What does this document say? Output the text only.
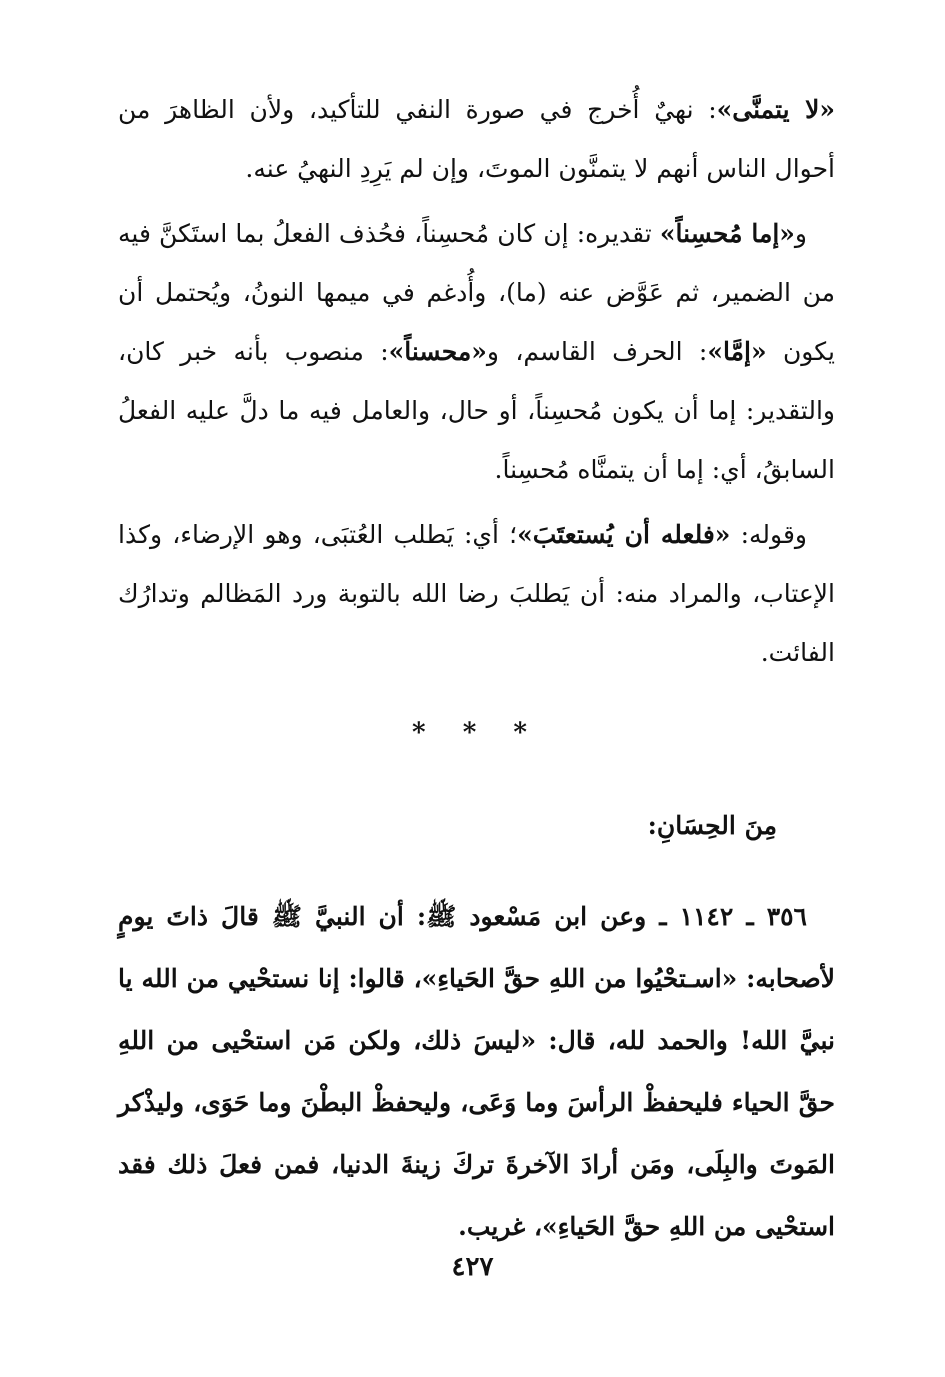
«لا يتمنَّى»: نهيٌ أُخرج في صورة النفي للتأكيد، ولأن الظاهرَ من أحوال الناس أنهم لا يتمنَّون الموتَ، وإن لم يَرِدِ النهيُ عنه.

و«إما مُحسِناً» تقديره: إن كان مُحسِناً، فحُذف الفعلُ بما استَكنَّ فيه من الضمير، ثم عَوَّض عنه (ما)، وأُدغم في ميمها النونُ، ويُحتمل أن يكون «إمَّا»: الحرف القاسم، و«محسناً»: منصوب بأنه خبر كان، والتقدير: إما أن يكون مُحسِناً، أو حال، والعامل فيه ما دلَّ عليه الفعلُ السابقُ، أي: إما أن يتمنَّاه مُحسِناً.

وقوله: «فلعله أن يُستعتَبَ»؛ أي: يَطلب العُتبَى، وهو الإرضاء، وكذا الإعتاب، والمراد منه: أن يَطلبَ رضا الله بالتوبة ورد المَظالم وتدارُك الفائت.

* * *
مِنَ الحِسَانِ:

٣٥٦ ـ ١١٤٢ ـ وعن ابن مَسْعود ﷺ: أن النبيَّ ﷺ قالَ ذاتَ يومٍ لأصحابه: «اسـتحْيُوا من اللهِ حقَّ الحَياءِ»، قالوا: إنا نستحْيي من الله يا نبيَّ الله! والحمد لله، قال: «ليسَ ذلك، ولكن مَن استحْيى من اللهِ حقَّ الحياء فليحفظْ الرأسَ وما وَعَى، وليحفظْ البطْنَ وما حَوَى، وليذْكر المَوتَ والبِلَى، ومَن أرادَ الآخرةَ تركَ زينةَ الدنيا، فمن فعلَ ذلك فقد استحْيى من اللهِ حقَّ الحَياءِ»، غريب.

٤٢٧
